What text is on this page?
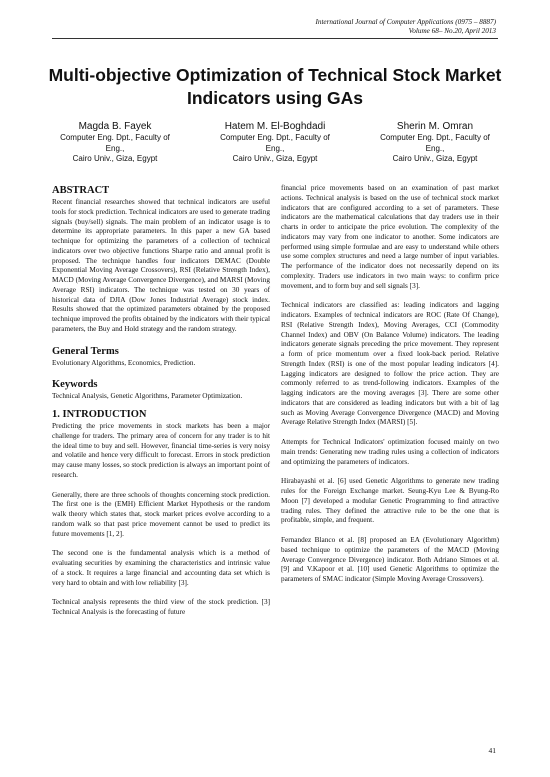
International Journal of Computer Applications (0975 – 8887)
Volume 68– No.20, April 2013
Multi-objective Optimization of Technical Stock Market
Indicators using GAs
Magda B. Fayek
Computer Eng. Dpt., Faculty of
Eng.,
Cairo Univ., Giza, Egypt
Hatem M. El-Boghdadi
Computer Eng. Dpt., Faculty of
Eng.,
Cairo Univ., Giza, Egypt
Sherin M. Omran
Computer Eng. Dpt., Faculty of
Eng.,
Cairo Univ., Giza, Egypt
ABSTRACT

Recent financial researches showed that technical indicators are useful tools for stock prediction. Technical indicators are used to generate trading signals (buy/sell) signals. The main problem of an indicator usage is to determine its appropriate parameters. In this paper a new GA based technique for optimizing the parameters of a collection of technical indicators over two objective functions Sharpe ratio and annual profit is proposed. The technique handles four indicators DEMAC (Double Exponential Moving Average Crossovers), RSI (Relative Strength Index), MACD (Moving Average Convergence Divergence), and MARSI (Moving Average RSI) indicators. The technique was tested on 30 years of historical data of DJIA (Dow Jones Industrial Average) stock index. Results showed that the optimized parameters obtained by the proposed technique improved the profits obtained by the indicators with their typical parameters, the Buy and Hold strategy and the random strategy.

General Terms

Evolutionary Algorithms, Economics, Prediction.

Keywords

Technical Analysis, Genetic Algorithms, Parameter Optimization.

1. INTRODUCTION

Predicting the price movements in stock markets has been a major challenge for traders. The primary area of concern for any trader is to hit the ideal time to buy and sell. However, financial time-series is very noisy and volatile and hence very difficult to forecast. Errors in stock prediction may cause many losses, so stock prediction is always an important point of research.

Generally, there are three schools of thoughts concerning stock prediction. The first one is the (EMH) Efficient Market Hypothesis or the random walk theory which states that, stock market prices evolve according to a random walk so that past price movement cannot be used to predict its future movements [1, 2].

The second one is the fundamental analysis which is a method of evaluating securities by examining the characteristics and intrinsic value of a stock. It requires a large financial and accounting data set which is very hard to obtain and with low reliability [3].

Technical analysis represents the third view of the stock prediction. [3] Technical Analysis is the forecasting of future

financial price movements based on an examination of past market actions. Technical analysis is based on the use of technical stock market indicators that are configured according to a set of parameters. These indicators are the mathematical calculations that day traders use in their charts in order to anticipate the price evolution. The complexity of the indicators may vary from one indicator to another. Some indicators are performed using simple formulae and are easy to understand while others use some complex structures and need a large number of input variables. The performance of the indicator does not necessarily depend on its complexity. Traders use indicators in two main ways: to confirm price movement, and to form buy and sell signals [3].

Technical indicators are classified as: leading indicators and lagging indicators. Examples of technical indicators are ROC (Rate Of Change), RSI (Relative Strength Index), Moving Averages, CCI (Commodity Channel Index) and OBV (On Balance Volume) indicators. The leading indicators generate signals preceding the price movement. They represent a form of price momentum over a fixed look-back period. Relative Strength Index (RSI) is one of the most popular leading indicators [4]. Lagging indicators are designed to follow the price action. They are commonly referred to as trend-following indicators. Examples of the lagging indicators are the moving averages [3]. There are some other indicators that are considered as leading indicators but with a bit of lag such as Moving Average Convergence Divergence (MACD) and Moving Average Relative Strength Index (MARSI) [5].

Attempts for Technical Indicators' optimization focused mainly on two main trends: Generating new trading rules using a collection of indicators and optimizing the parameters of indicators.

Hirabayashi et al. [6] used Genetic Algorithms to generate new trading rules for the Foreign Exchange market. Seung-Kyu Lee & Byung-Ro Moon [7] developed a modular Genetic Programming to find attractive trading rules. They defined the attractive rule to be the one that is profitable, simple, and frequent.

Fernandez Blanco et al. [8] proposed an EA (Evolutionary Algorithm) based technique to optimize the parameters of the MACD (Moving Average Convergence Divergence) indicator. Both Adriano Simoes et al. [9] and V.Kapoor et al. [10] used Genetic Algorithms to optimize the parameters of SMAC indicator (Simple Moving Average Crossovers).

41
